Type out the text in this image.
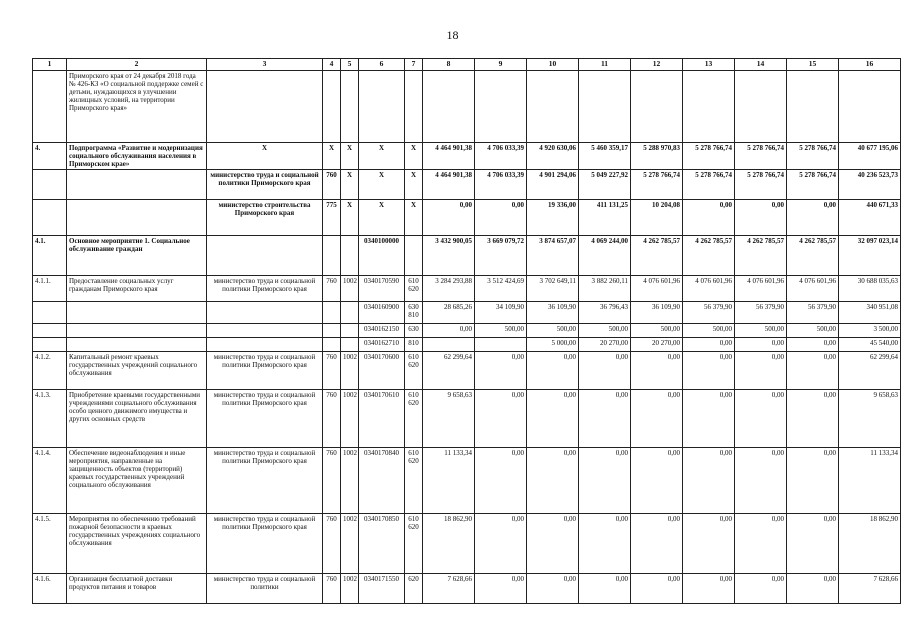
18
1	2	3	4	5	6	7	8	9	10	11	12	13	14	15	16
	Приморского края от 24 декабря 2018 года № 426-КЗ «О социальной поддержке семей с детьми, нуждающихся в улучшении жилищных условий, на территории Приморского края»														
4.	Подпрограмма «Развитие и модернизация социального обслуживания населения в Приморском крае»	X	X	X	X	X	4 464 901,38	4 706 033,39	4 920 630,06	5 460 359,17	5 288 970,83	5 278 766,74	5 278 766,74	5 278 766,74	40 677 195,06
		министерство труда и социальной политики Приморского края	760	X	X	X	4 464 901,38	4 706 033,39	4 901 294,06	5 049 227,92	5 278 766,74	5 278 766,74	5 278 766,74	5 278 766,74	40 236 523,73
		министерство строительства Приморского края	775	X	X	X	0,00	0,00	19 336,00	411 131,25	10 204,08	0,00	0,00	0,00	440 671,33
4.1.	Основное мероприятие 1. Социальное обслуживание граждан				0340100000		3 432 900,05	3 669 079,72	3 874 657,07	4 069 244,00	4 262 785,57	4 262 785,57	4 262 785,57	4 262 785,57	32 097 023,14
4.1.1.	Предоставление социальных услуг гражданам Приморского края	министерство труда и социальной политики Приморского края	760	1002	0340170590	610 620	3 284 293,88	3 512 424,69	3 702 649,11	3 882 260,11	4 076 601,96	4 076 601,96	4 076 601,96	4 076 601,96	30 688 035,63
					0340160900	630 810	28 685,26	34 109,90	36 109,90	36 796,43	36 109,90	56 379,90	56 379,90	56 379,90	340 951,08
					0340162150	630	0,00	500,00	500,00	500,00	500,00	500,00	500,00	500,00	3 500,00
					0340162710	810			5 000,00	20 270,00	20 270,00	0,00	0,00	0,00	45 540,00
4.1.2.	Капитальный ремонт краевых государственных учреждений социального обслуживания	министерство труда и социальной политики Приморского края	760	1002	0340170600	610 620	62 299,64	0,00	0,00	0,00	0,00	0,00	0,00	0,00	62 299,64
4.1.3.	Приобретение краевыми государственными учреждениями социального обслуживания особо ценного движимого имущества и других основных средств	министерство труда и социальной политики Приморского края	760	1002	0340170610	610 620	9 658,63	0,00	0,00	0,00	0,00	0,00	0,00	0,00	9 658,63
4.1.4.	Обеспечение видеонаблюдения и иные мероприятия, направленные на защищенность объектов (территорий) краевых государственных учреждений социального обслуживания	министерство труда и социальной политики Приморского края	760	1002	0340170840	610 620	11 133,34	0,00	0,00	0,00	0,00	0,00	0,00	0,00	11 133,34
4.1.5.	Мероприятия по обеспечению требований пожарной безопасности в краевых государственных учреждениях социального обслуживания	министерство труда и социальной политики Приморского края	760	1002	0340170850	610 620	18 862,90	0,00	0,00	0,00	0,00	0,00	0,00	0,00	18 862,90
4.1.6.	Организация бесплатной доставки продуктов питания и товаров	министерство труда и социальной политики	760	1002	0340171550	620	7 628,66	0,00	0,00	0,00	0,00	0,00	0,00	0,00	7 628,66
